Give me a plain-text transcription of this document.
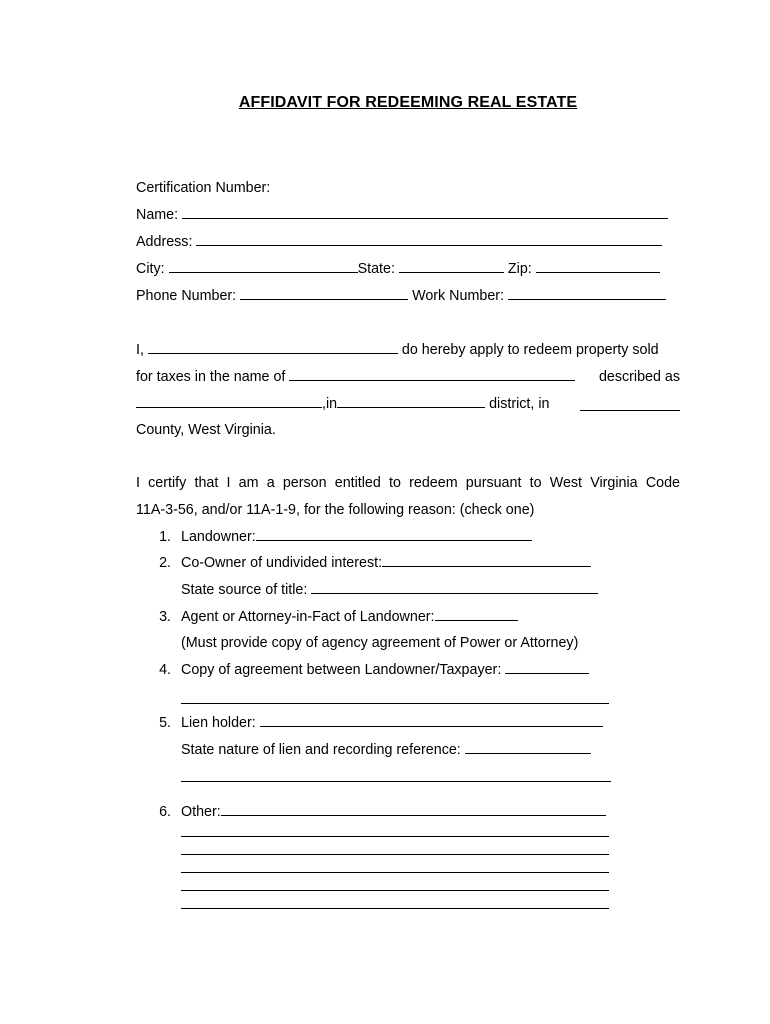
AFFIDAVIT FOR REDEEMING REAL ESTATE
Certification Number:
Name:
Address:
City:	State:	Zip:
Phone Number:	Work Number:
I,	do hereby apply to redeem property sold
for taxes in the name of	described as
,in	district, in
County, West Virginia.
I certify that I am a person entitled to redeem pursuant to West Virginia Code
11A-3-56, and/or 11A-1-9, for the following reason: (check one)
1. Landowner:
2. Co-Owner of undivided interest:
State source of title:
3. Agent or Attorney-in-Fact of Landowner:
(Must provide copy of agency agreement of Power or Attorney)
4. Copy of agreement between Landowner/Taxpayer:
5. Lien holder:
State nature of lien and recording reference:
6. Other:
